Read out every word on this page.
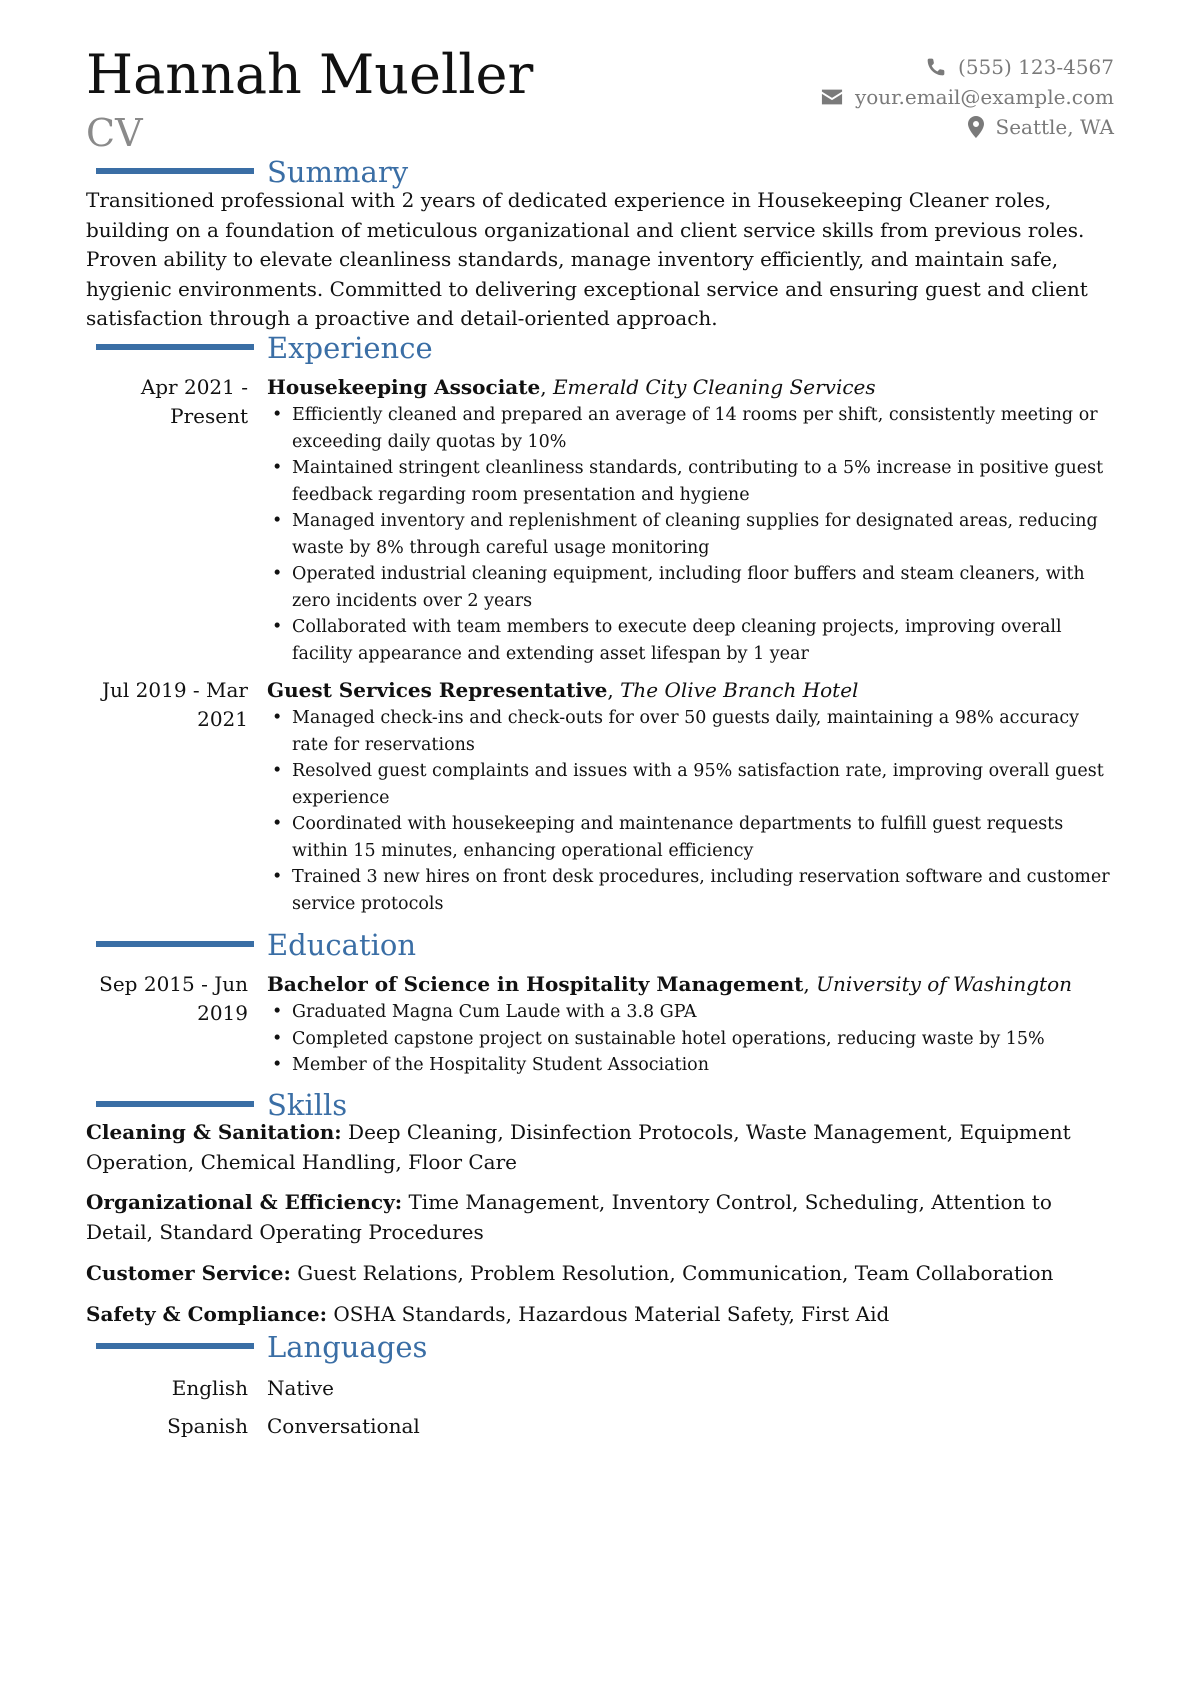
Hannah Mueller
CV
(555) 123-4567
your.email@example.com
Seattle, WA
Summary
Transitioned professional with 2 years of dedicated experience in Housekeeping Cleaner roles, building on a foundation of meticulous organizational and client service skills from previous roles. Proven ability to elevate cleanliness standards, manage inventory efficiently, and maintain safe, hygienic environments. Committed to delivering exceptional service and ensuring guest and client satisfaction through a proactive and detail-oriented approach.
Experience
Apr 2021 - Present
Housekeeping Associate, Emerald City Cleaning Services
• Efficiently cleaned and prepared an average of 14 rooms per shift, consistently meeting or exceeding daily quotas by 10%
• Maintained stringent cleanliness standards, contributing to a 5% increase in positive guest feedback regarding room presentation and hygiene
• Managed inventory and replenishment of cleaning supplies for designated areas, reducing waste by 8% through careful usage monitoring
• Operated industrial cleaning equipment, including floor buffers and steam cleaners, with zero incidents over 2 years
• Collaborated with team members to execute deep cleaning projects, improving overall facility appearance and extending asset lifespan by 1 year
Jul 2019 - Mar 2021
Guest Services Representative, The Olive Branch Hotel
• Managed check-ins and check-outs for over 50 guests daily, maintaining a 98% accuracy rate for reservations
• Resolved guest complaints and issues with a 95% satisfaction rate, improving overall guest experience
• Coordinated with housekeeping and maintenance departments to fulfill guest requests within 15 minutes, enhancing operational efficiency
• Trained 3 new hires on front desk procedures, including reservation software and customer service protocols
Education
Sep 2015 - Jun 2019
Bachelor of Science in Hospitality Management, University of Washington
• Graduated Magna Cum Laude with a 3.8 GPA
• Completed capstone project on sustainable hotel operations, reducing waste by 15%
• Member of the Hospitality Student Association
Skills
Cleaning & Sanitation: Deep Cleaning, Disinfection Protocols, Waste Management, Equipment Operation, Chemical Handling, Floor Care
Organizational & Efficiency: Time Management, Inventory Control, Scheduling, Attention to Detail, Standard Operating Procedures
Customer Service: Guest Relations, Problem Resolution, Communication, Team Collaboration
Safety & Compliance: OSHA Standards, Hazardous Material Safety, First Aid
Languages
English Native
Spanish Conversational
